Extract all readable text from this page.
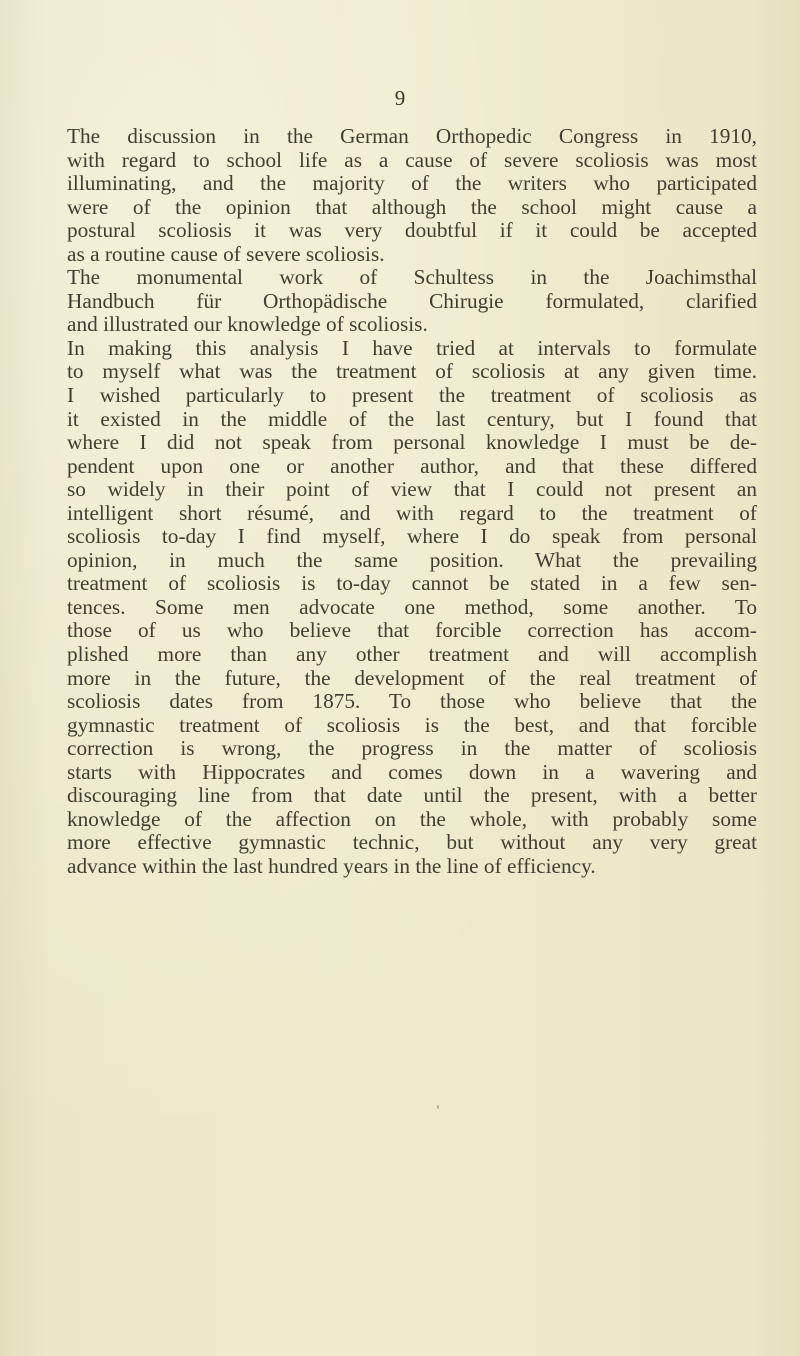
9
The discussion in the German Orthopedic Congress in 1910,
with regard to school life as a cause of severe scoliosis was most
illuminating, and the majority of the writers who participated
were of the opinion that although the school might cause a
postural scoliosis it was very doubtful if it could be accepted
as a routine cause of severe scoliosis.
The monumental work of Schultess in the Joachimsthal
Handbuch für Orthopädische Chirugie formulated, clarified
and illustrated our knowledge of scoliosis.
In making this analysis I have tried at intervals to formulate
to myself what was the treatment of scoliosis at any given time.
I wished particularly to present the treatment of scoliosis as
it existed in the middle of the last century, but I found that
where I did not speak from personal knowledge I must be de-
pendent upon one or another author, and that these differed
so widely in their point of view that I could not present an
intelligent short résumé, and with regard to the treatment of
scoliosis to-day I find myself, where I do speak from personal
opinion, in much the same position. What the prevailing
treatment of scoliosis is to-day cannot be stated in a few sen-
tences. Some men advocate one method, some another. To
those of us who believe that forcible correction has accom-
plished more than any other treatment and will accomplish
more in the future, the development of the real treatment of
scoliosis dates from 1875. To those who believe that the
gymnastic treatment of scoliosis is the best, and that forcible
correction is wrong, the progress in the matter of scoliosis
starts with Hippocrates and comes down in a wavering and
discouraging line from that date until the present, with a better
knowledge of the affection on the whole, with probably some
more effective gymnastic technic, but without any very great
advance within the last hundred years in the line of efficiency.
